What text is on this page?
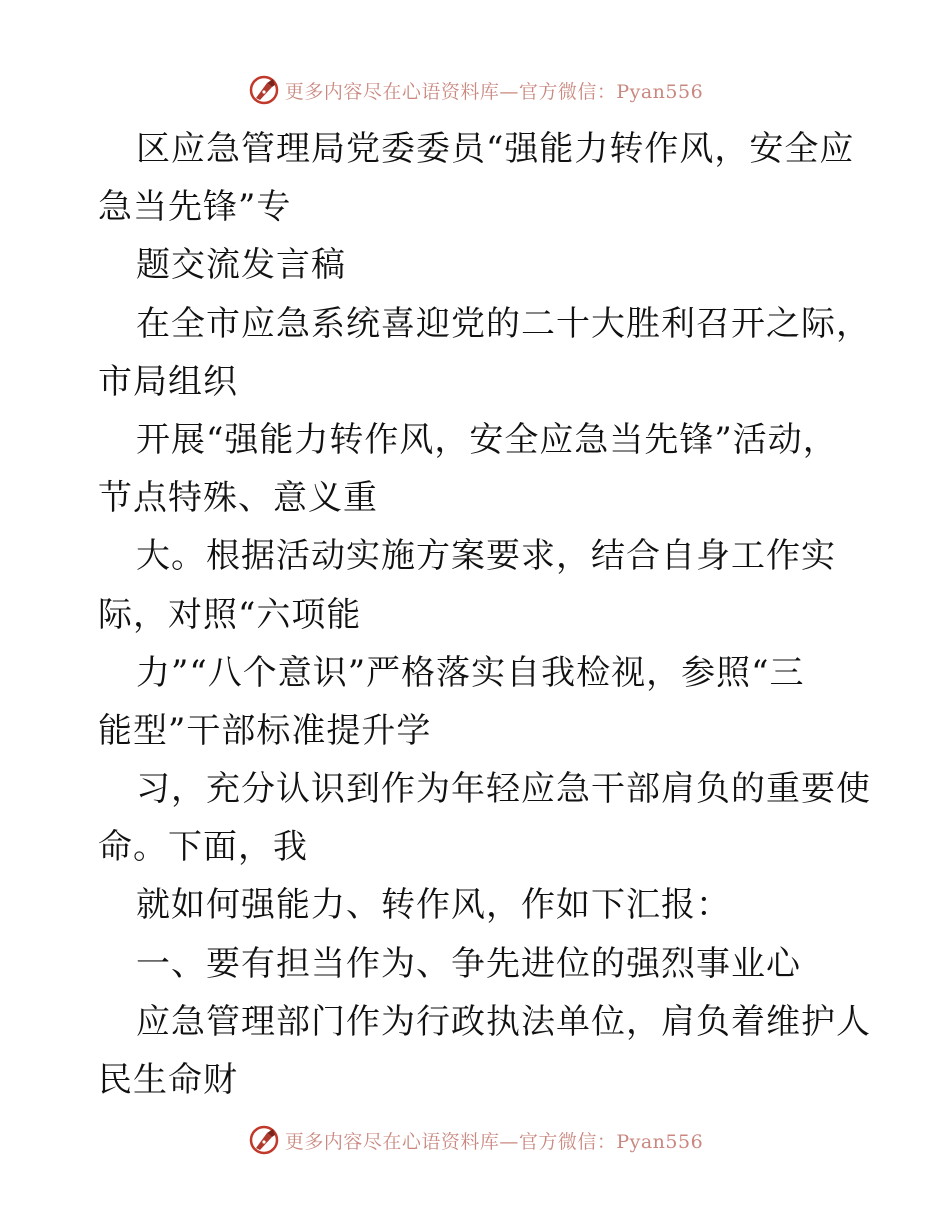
更多内容尽在心语资料库—官方微信：Pyan556
区应急管理局党委委员“强能力转作风，安全应
急当先锋”专
题交流发言稿
在全市应急系统喜迎党的二十大胜利召开之际，
市局组织
开展“强能力转作风，安全应急当先锋”活动，
节点特殊、意义重
大。根据活动实施方案要求，结合自身工作实
际，对照“六项能
力”“八个意识”严格落实自我检视，参照“三
能型”干部标准提升学
习，充分认识到作为年轻应急干部肩负的重要使
命。下面，我
就如何强能力、转作风，作如下汇报：
一、要有担当作为、争先进位的强烈事业心
应急管理部门作为行政执法单位，肩负着维护人
民生命财
更多内容尽在心语资料库—官方微信：Pyan556
